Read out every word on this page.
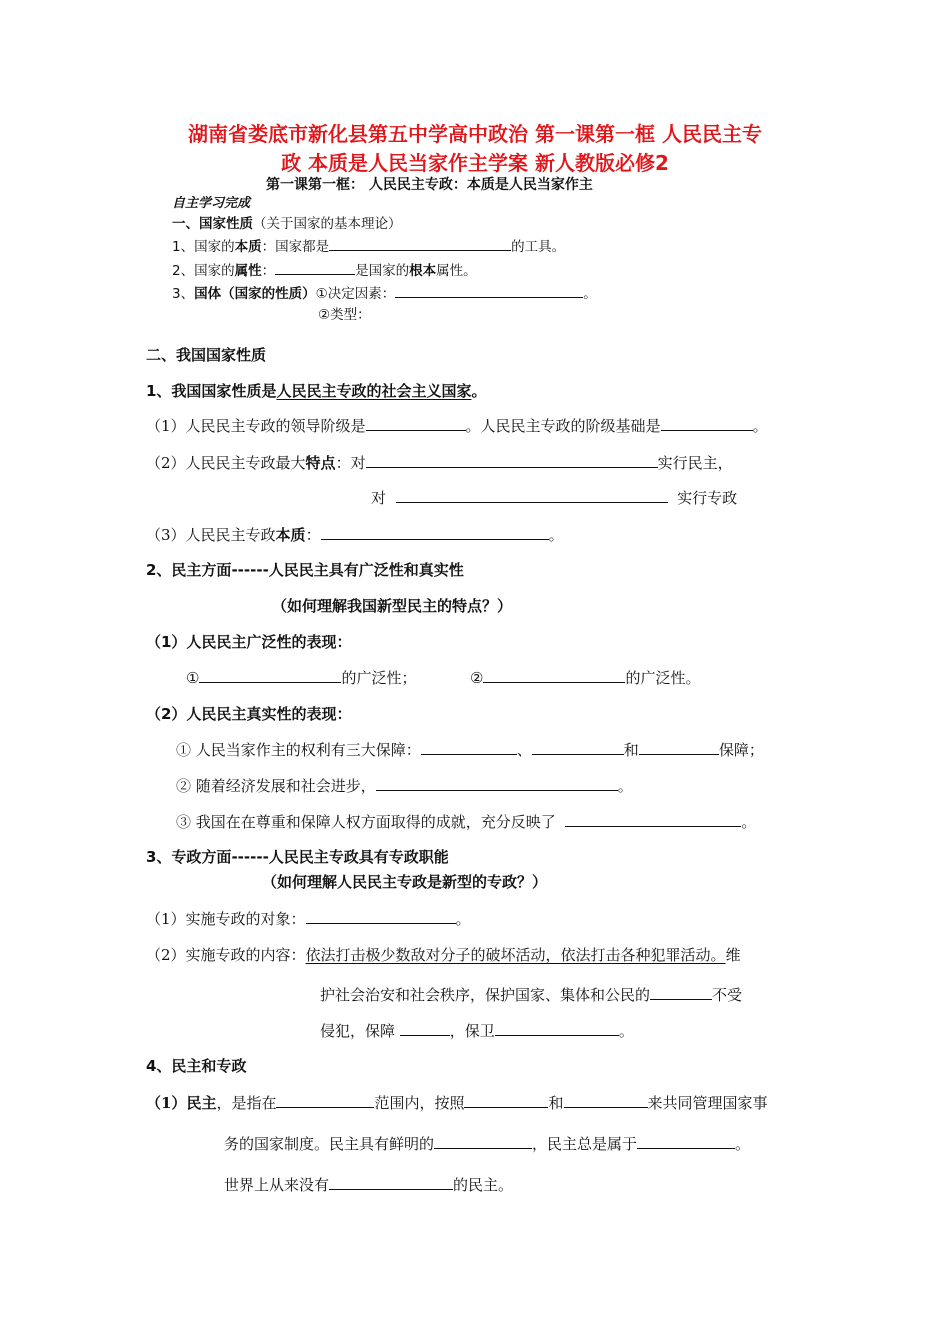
湖南省娄底市新化县第五中学高中政治 第一课第一框 人民民主专
政 本质是人民当家作主学案 新人教版必修2
第一课第一框： 人民民主专政：本质是人民当家作主
自主学习完成
一、国家性质（关于国家的基本理论）
1、国家的本质：国家都是	的工具。
2、国家的属性：	是国家的根本属性。
3、国体（国家的性质）①决定因素：	。
②类型：
二、我国国家性质
1、我国国家性质是人民民主专政的社会主义国家。
（1）人民民主专政的领导阶级是	。人民民主专政的阶级基础是	。
（2）人民民主专政最大特点：对	实行民主，
对	实行专政
（3）人民民主专政本质：	。
2、民主方面------人民民主具有广泛性和真实性
（如何理解我国新型民主的特点？）
（1）人民民主广泛性的表现：
①	的广泛性；	②	的广泛性。
（2）人民民主真实性的表现：
① 人民当家作主的权利有三大保障：	、	和	保障；
② 随着经济发展和社会进步，	。
③ 我国在在尊重和保障人权方面取得的成就，充分反映了	。
3、专政方面------人民民主专政具有专政职能
（如何理解人民民主专政是新型的专政？）
（1）实施专政的对象：	。
（2）实施专政的内容：依法打击极少数敌对分子的破坏活动，依法打击各种犯罪活动。维
护社会治安和社会秩序，保护国家、集体和公民的	不受
侵犯，保障	，保卫	。
4、民主和专政
（1）民主，是指在	范围内，按照	和	来共同管理国家事
务的国家制度。民主具有鲜明的	，民主总是属于	。
世界上从来没有	的民主。
